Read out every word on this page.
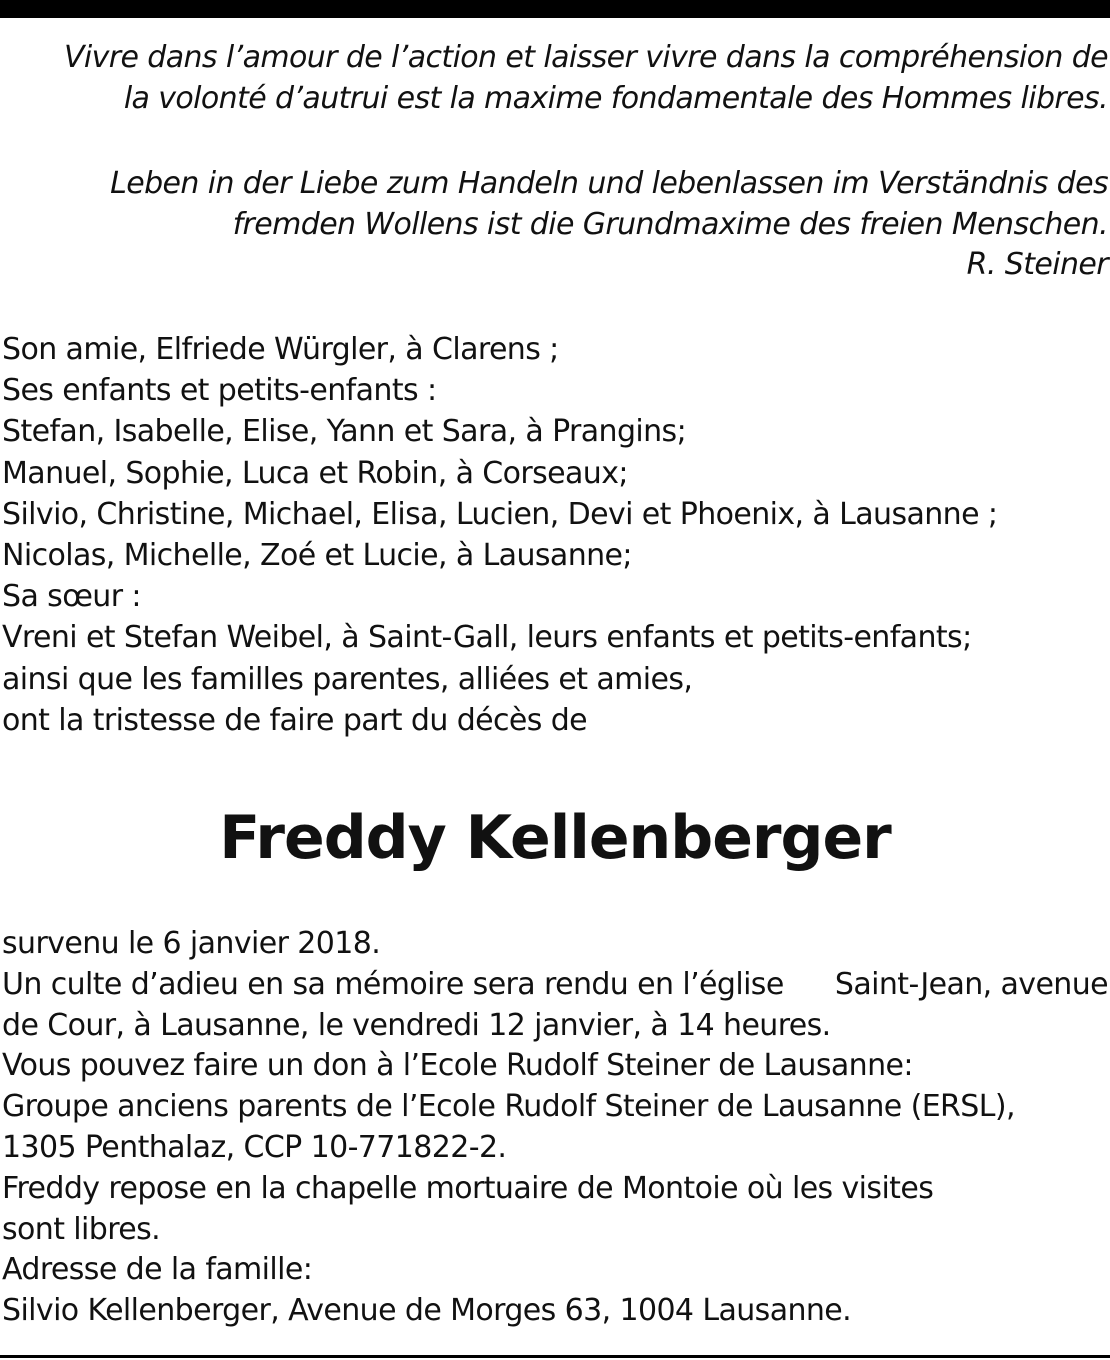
Vivre dans l’amour de l’action et laisser vivre dans la compréhension de
la volonté d’autrui est la maxime fondamentale des Hommes libres.
Leben in der Liebe zum Handeln und lebenlassen im Verständnis des
fremden Wollens ist die Grundmaxime des freien Menschen.
R. Steiner
Son amie, Elfriede Würgler, à Clarens ;
Ses enfants et petits-enfants :
Stefan, Isabelle, Elise, Yann et Sara, à Prangins;
Manuel, Sophie, Luca et Robin, à Corseaux;
Silvio, Christine, Michael, Elisa, Lucien, Devi et Phoenix, à Lausanne ;
Nicolas, Michelle, Zoé et Lucie, à Lausanne;
Sa sœur :
Vreni et Stefan Weibel, à Saint-Gall, leurs enfants et petits-enfants;
ainsi que les familles parentes, alliées et amies,
ont la tristesse de faire part du décès de
Freddy Kellenberger
survenu le 6 janvier 2018.
Un culte d’adieu en sa mémoire sera rendu en l’église Saint-Jean, avenue
de Cour, à Lausanne, le vendredi 12 janvier, à 14 heures.
Vous pouvez faire un don à l’Ecole Rudolf Steiner de Lausanne:
Groupe anciens parents de l’Ecole Rudolf Steiner de Lausanne (ERSL),
1305 Penthalaz, CCP 10-771822-2.
Freddy repose en la chapelle mortuaire de Montoie où les visites
sont libres.
Adresse de la famille:
Silvio Kellenberger, Avenue de Morges 63, 1004 Lausanne.
